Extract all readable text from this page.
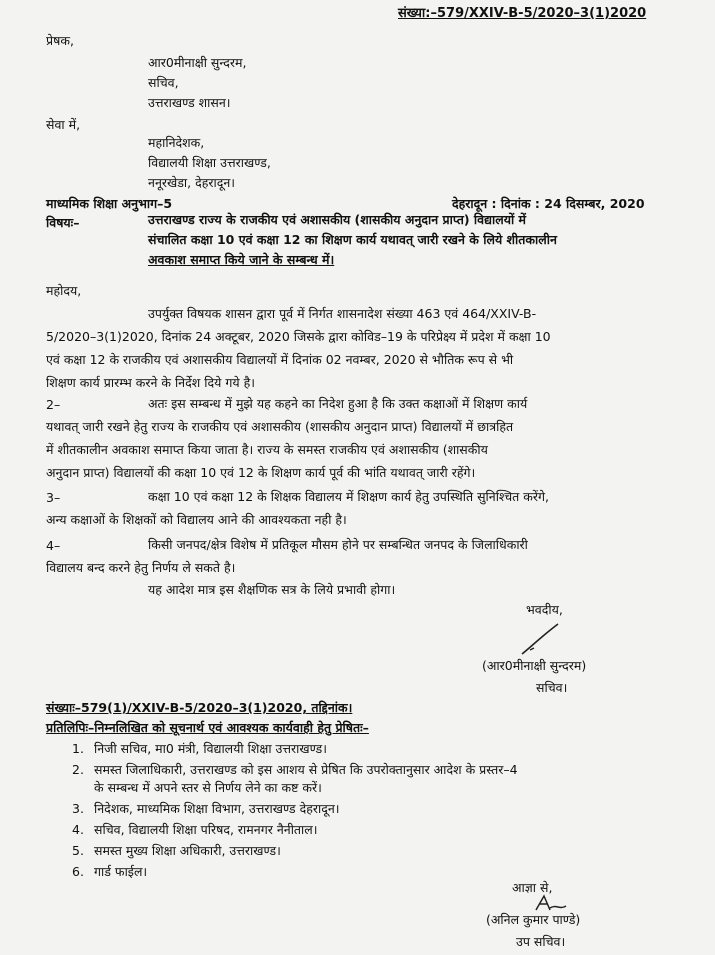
संख्या:–579/XXIV-B-5/2020–3(1)2020
प्रेषक,
आर0मीनाक्षी सुन्दरम,
सचिव,
उत्तराखण्ड शासन।
सेवा में,
महानिदेशक,
विद्यालयी शिक्षा उत्तराखण्ड,
ननूरखेडा, देहरादून।
माध्यमिक शिक्षा अनुभाग–5	देहरादून : दिनांक : 24 दिसम्बर, 2020
विषयः–	उत्तराखण्ड राज्य के राजकीय एवं अशासकीय (शासकीय अनुदान प्राप्त) विद्यालयों में
संचालित कक्षा 10 एवं कक्षा 12 का शिक्षण कार्य यथावत् जारी रखने के लिये शीतकालीन
अवकाश समाप्त किये जाने के सम्बन्ध में।
महोदय,
उपर्युक्त विषयक शासन द्वारा पूर्व में निर्गत शासनादेश संख्या 463 एवं 464/XXIV-B-
5/2020–3(1)2020, दिनांक 24 अक्टूबर, 2020 जिसके द्वारा कोविड–19 के परिप्रेक्ष्य में प्रदेश में कक्षा 10
एवं कक्षा 12 के राजकीय एवं अशासकीय विद्यालयों में दिनांक 02 नवम्बर, 2020 से भौतिक रूप से भी
शिक्षण कार्य प्रारम्भ करने के निर्देश दिये गये है।
2–	अतः इस सम्बन्ध में मुझे यह कहने का निदेश हुआ है कि उक्त कक्षाओं में शिक्षण कार्य
यथावत् जारी रखने हेतु राज्य के राजकीय एवं अशासकीय (शासकीय अनुदान प्राप्त) विद्यालयों में छात्रहित
में शीतकालीन अवकाश समाप्त किया जाता है। राज्य के समस्त राजकीय एवं अशासकीय (शासकीय
अनुदान प्राप्त) विद्यालयों की कक्षा 10 एवं 12 के शिक्षण कार्य पूर्व की भांति यथावत् जारी रहेंगे।
3–	कक्षा 10 एवं कक्षा 12 के शिक्षक विद्यालय में शिक्षण कार्य हेतु उपस्थिति सुनिश्चित करेंगे,
अन्य कक्षाओं के शिक्षकों को विद्यालय आने की आवश्यकता नही है।
4–	किसी जनपद/क्षेत्र विशेष में प्रतिकूल मौसम होने पर सम्बन्धित जनपद के जिलाधिकारी
विद्यालय बन्द करने हेतु निर्णय ले सकते है।
यह आदेश मात्र इस शैक्षणिक सत्र के लिये प्रभावी होगा।
भवदीय,
(आर0मीनाक्षी सुन्दरम)
सचिव।
संख्याः–579(1)/XXIV-B-5/2020–3(1)2020, तद्दिनांक।
प्रतिलिपिः–निम्नलिखित को सूचनार्थ एवं आवश्यक कार्यवाही हेतु प्रेषितः–
1. निजी सचिव, मा0 मंत्री, विद्यालयी शिक्षा उत्तराखण्ड।
2. समस्त जिलाधिकारी, उत्तराखण्ड को इस आशय से प्रेषित कि उपरोक्तानुसार आदेश के प्रस्तर–4
के सम्बन्ध में अपने स्तर से निर्णय लेने का कष्ट करें।
3. निदेशक, माध्यमिक शिक्षा विभाग, उत्तराखण्ड देहरादून।
4. सचिव, विद्यालयी शिक्षा परिषद, रामनगर नैनीताल।
5. समस्त मुख्य शिक्षा अधिकारी, उत्तराखण्ड।
6. गार्ड फाईल।
आज्ञा से,
(अनिल कुमार पाण्डे)
उप सचिव।
